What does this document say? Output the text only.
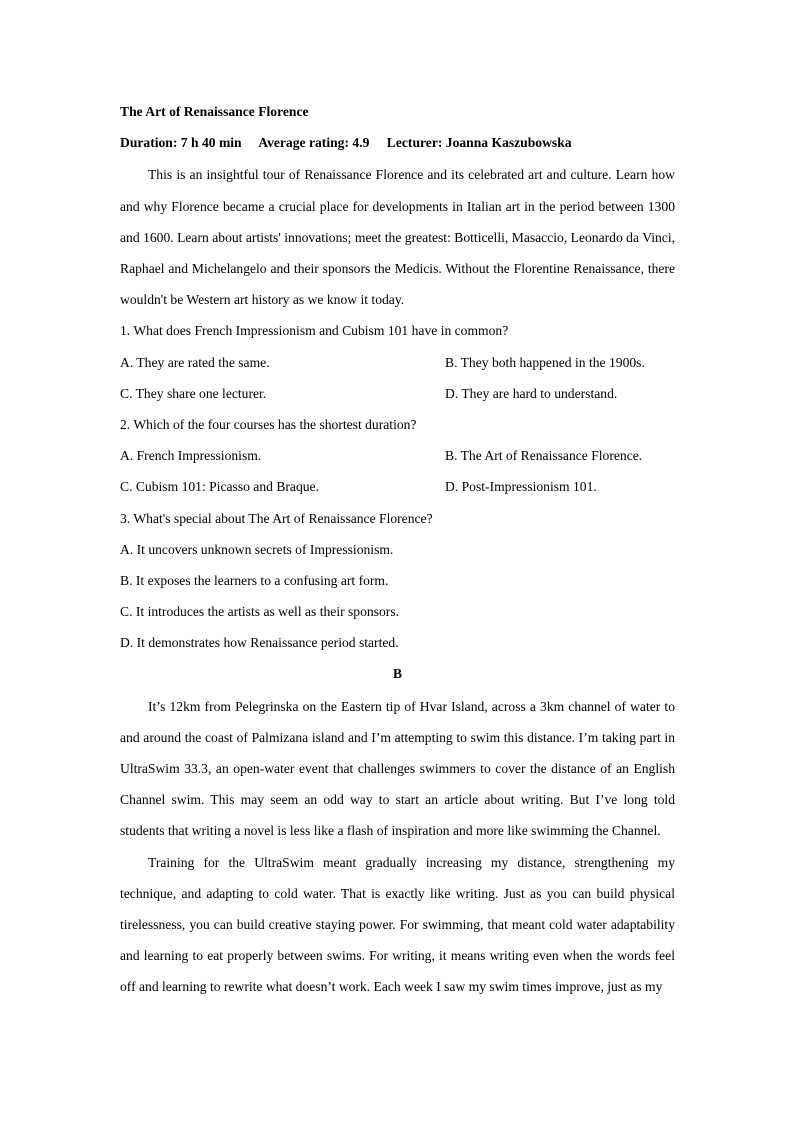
The Art of Renaissance Florence
Duration: 7 h 40 min Average rating: 4.9 Lecturer: Joanna Kaszubowska

This is an insightful tour of Renaissance Florence and its celebrated art and culture. Learn how and why Florence became a crucial place for developments in Italian art in the period between 1300 and 1600. Learn about artists' innovations; meet the greatest: Botticelli, Masaccio, Leonardo da Vinci, Raphael and Michelangelo and their sponsors the Medicis. Without the Florentine Renaissance, there wouldn't be Western art history as we know it today.

1. What does French Impressionism and Cubism 101 have in common?
A. They are rated the same.	B. They both happened in the 1900s.
C. They share one lecturer.	D. They are hard to understand.
2. Which of the four courses has the shortest duration?
A. French Impressionism.	B. The Art of Renaissance Florence.
C. Cubism 101: Picasso and Braque.	D. Post-Impressionism 101.
3. What's special about The Art of Renaissance Florence?
A. It uncovers unknown secrets of Impressionism.
B. It exposes the learners to a confusing art form.
C. It introduces the artists as well as their sponsors.
D. It demonstrates how Renaissance period started.
B

It’s 12km from Pelegrinska on the Eastern tip of Hvar Island, across a 3km channel of water to and around the coast of Palmizana island and I’m attempting to swim this distance. I’m taking part in UltraSwim 33.3, an open-water event that challenges swimmers to cover the distance of an English Channel swim. This may seem an odd way to start an article about writing. But I’ve long told students that writing a novel is less like a flash of inspiration and more like swimming the Channel.

Training for the UltraSwim meant gradually increasing my distance, strengthening my technique, and adapting to cold water. That is exactly like writing. Just as you can build physical tirelessness, you can build creative staying power. For swimming, that meant cold water adaptability and learning to eat properly between swims. For writing, it means writing even when the words feel off and learning to rewrite what doesn’t work. Each week I saw my swim times improve, just as my
